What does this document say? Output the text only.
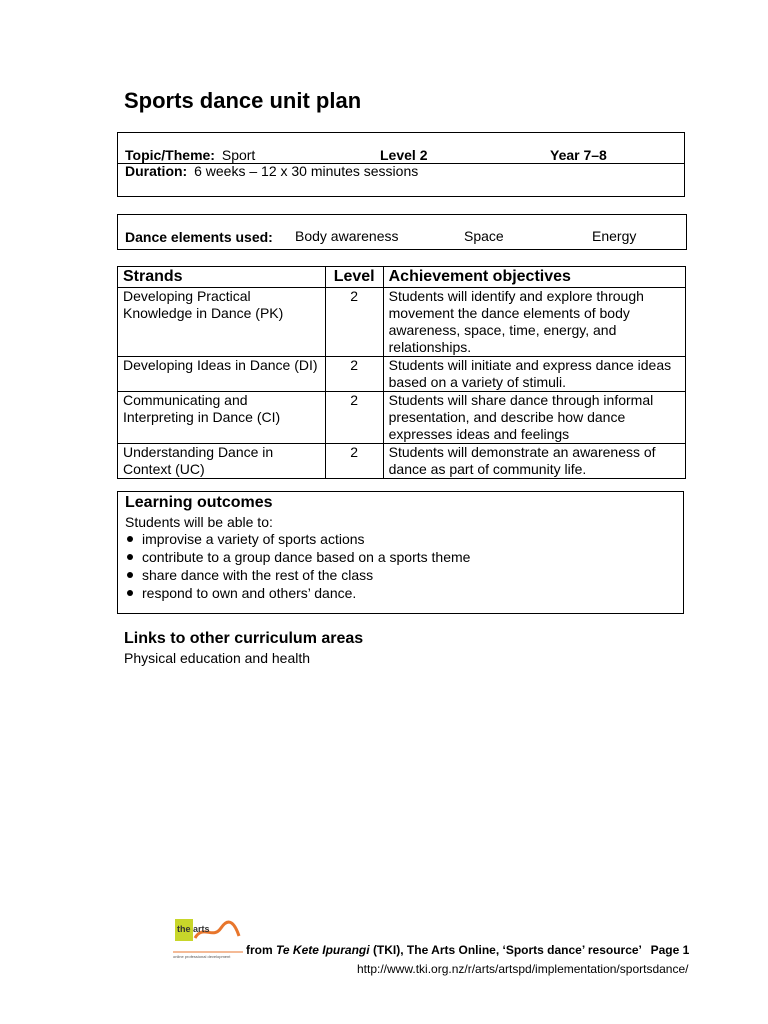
Sports dance unit plan
Topic/Theme: Sport	Level 2	Year 7–8
Duration: 6 weeks – 12 x 30 minutes sessions
Dance elements used: Body awareness	Space	Energy
Strands	Level	Achievement objectives
Developing Practical Knowledge in Dance (PK)	2	Students will identify and explore through movement the dance elements of body awareness, space, time, energy, and relationships.
Developing Ideas in Dance (DI)	2	Students will initiate and express dance ideas based on a variety of stimuli.
Communicating and Interpreting in Dance (CI)	2	Students will share dance through informal presentation, and describe how dance expresses ideas and feelings
Understanding Dance in Context (UC)	2	Students will demonstrate an awareness of dance as part of community life.
Learning outcomes
Students will be able to:
improvise a variety of sports actions
contribute to a group dance based on a sports theme
share dance with the rest of the class
respond to own and others’ dance.
Links to other curriculum areas
Physical education and health
the arts
online professional development from Te Kete Ipurangi (TKI), The Arts Online, ‘Sports dance’ resource’ Page 1
http://www.tki.org.nz/r/arts/artspd/implementation/sportsdance/
